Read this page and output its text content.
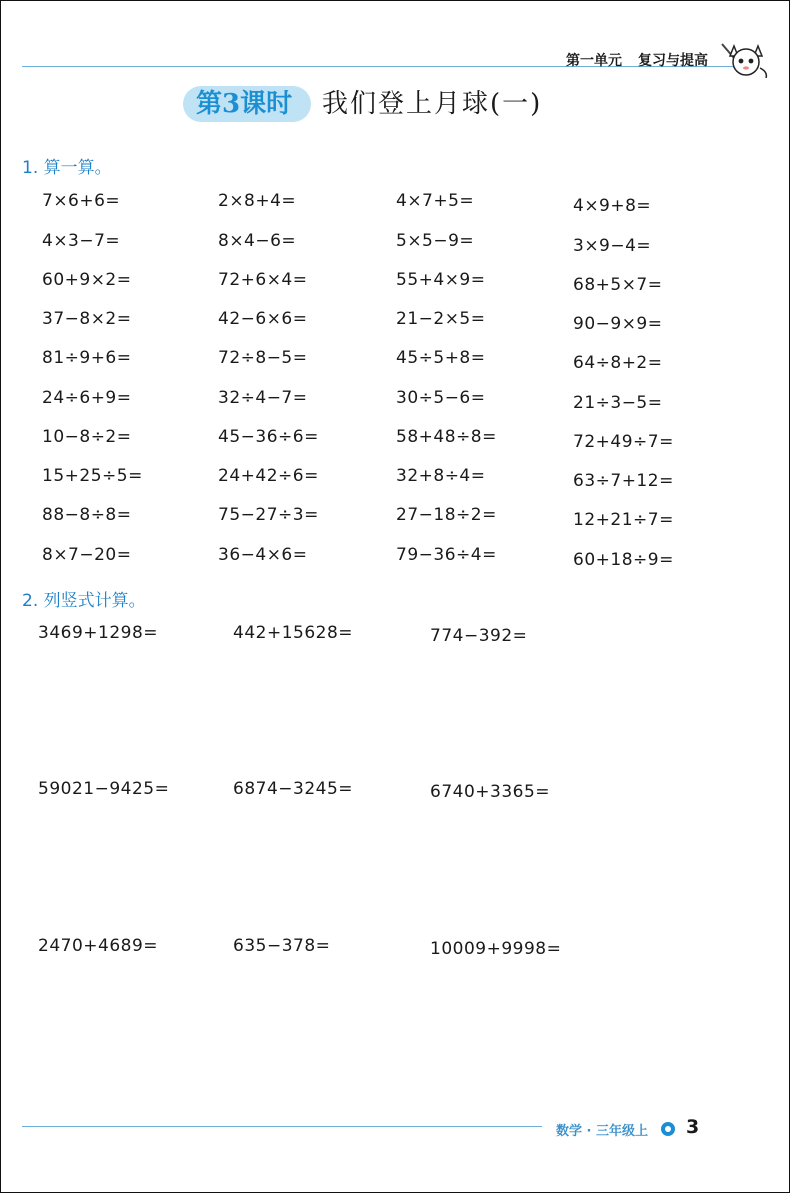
第一单元 复习与提高
第3课时 我们登上月球(一)
1. 算一算。
7×6+6=	2×8+4=	4×7+5=	4×9+8=
4×3−7=	8×4−6=	5×5−9=	3×9−4=
60+9×2=	72+6×4=	55+4×9=	68+5×7=
37−8×2=	42−6×6=	21−2×5=	90−9×9=
81÷9+6=	72÷8−5=	45÷5+8=	64÷8+2=
24÷6+9=	32÷4−7=	30÷5−6=	21÷3−5=
10−8÷2=	45−36÷6=	58+48÷8=	72+49÷7=
15+25÷5=	24+42÷6=	32+8÷4=	63÷7+12=
88−8÷8=	75−27÷3=	27−18÷2=	12+21÷7=
8×7−20=	36−4×6=	79−36÷4=	60+18÷9=
2. 列竖式计算。
3469+1298=	442+15628=	774−392=
59021−9425=	6874−3245=	6740+3365=
2470+4689=	635−378=	10009+9998=
数学 · 三年级上 3
